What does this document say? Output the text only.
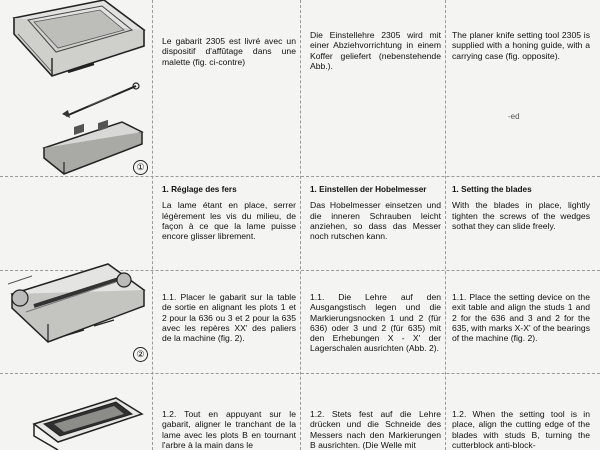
①
②
-ed
Le gabarit 2305 est livré avec un dispositif d'affûtage dans une malette (fig. ci-contre)
Die Einstellehre 2305 wird mit einer Abziehvorrichtung in einem Koffer geliefert (nebenstehende Abb.).
The planer knife setting tool 2305 is supplied with a honing guide, with a carrying case (fig. opposite).
1. Réglage des fers
La lame étant en place, serrer légèrement les vis du milieu, de façon à ce que la lame puisse encore glisser librement.
1. Einstellen der Hobelmesser
Das Hobelmesser einsetzen und die inneren Schrauben leicht anziehen, so dass das Messer noch rutschen kann.
1. Setting the blades
With the blades in place, lightly tighten the screws of the wedges sothat they can slide freely.
1.1. Placer le gabarit sur la table de sortie en alignant les plots 1 et 2 pour la 636 ou 3 et 2 pour la 635 avec les repères XX' des paliers de la machine (fig. 2).
1.1. Die Lehre auf den Ausgangstisch legen und die Markierungsnocken 1 und 2 (für 636) oder 3 und 2 (für 635) mit den Erhebungen X - X' der Lagerschalen ausrichten (Abb. 2).
1.1. Place the setting device on the exit table and align the studs 1 and 2 for the 636 and 3 and 2 for the 635, with marks X-X' of the bearings of the machine (fig. 2).
1.2. Tout en appuyant sur le gabarit, aligner le tranchant de la lame avec les plots B en tournant l'arbre à la main dans le
1.2. Stets fest auf die Lehre drücken und die Schneide des Messers nach den Markierungen B ausrichten. (Die Welle mit
1.2. When the setting tool is in place, align the cutting edge of the blades with studs B, turning the cutterblock anti-block-
